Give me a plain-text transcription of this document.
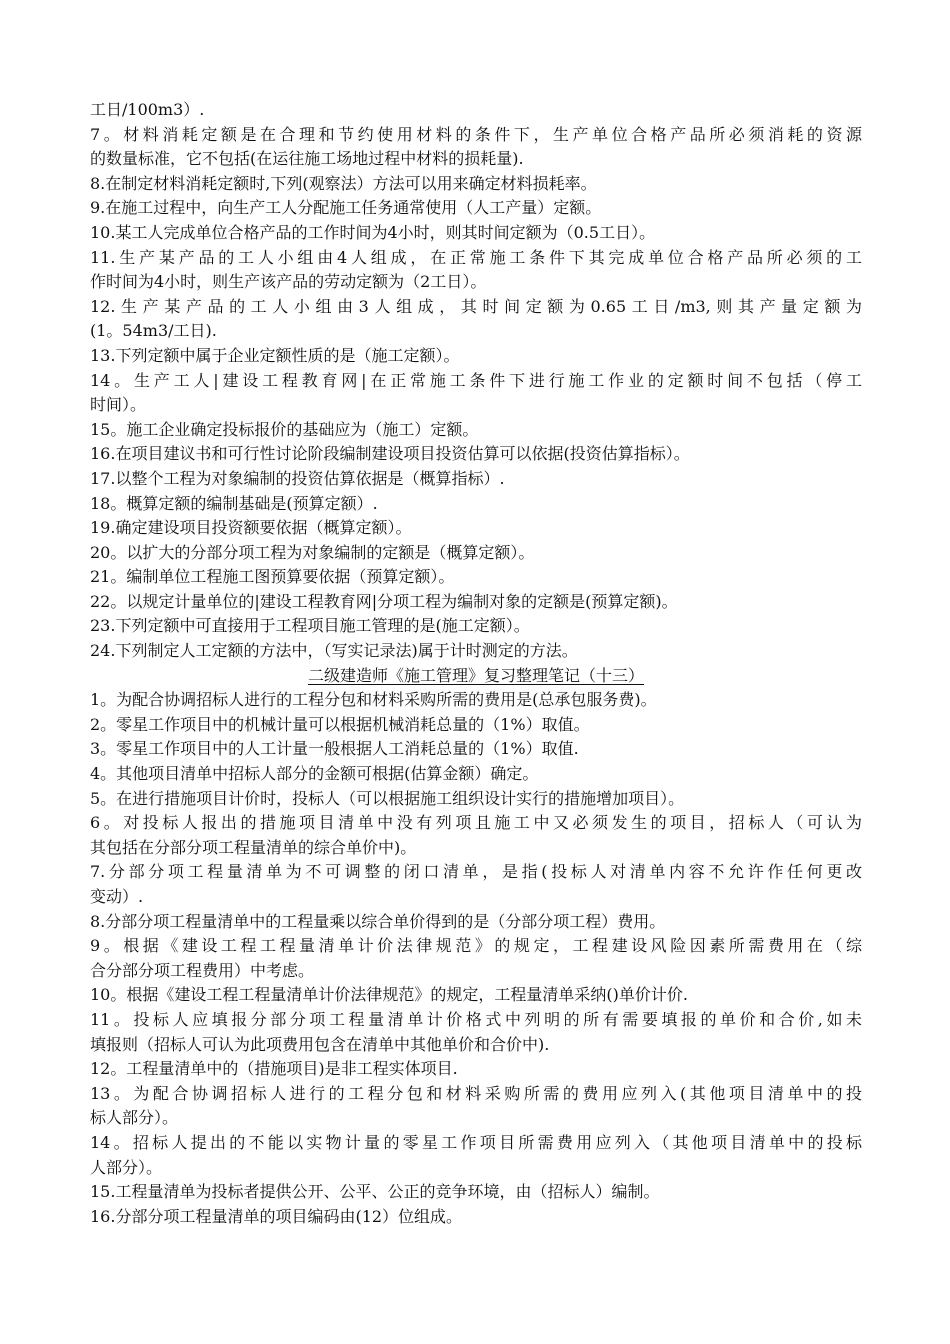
工日/100m3）.
7。材料消耗定额是在合理和节约使用材料的条件下，生产单位合格产品所必须消耗的资源
的数量标准，它不包括(在运往施工场地过程中材料的损耗量).
8.在制定材料消耗定额时,下列(观察法）方法可以用来确定材料损耗率。
9.在施工过程中，向生产工人分配施工任务通常使用（人工产量）定额。
10.某工人完成单位合格产品的工作时间为4小时，则其时间定额为（0.5工日）。
11.生产某产品的工人小组由4人组成，在正常施工条件下其完成单位合格产品所必须的工
作时间为4小时，则生产该产品的劳动定额为（2工日）。
12.生产某产品的工人小组由3人组成，其时间定额为0.65工日/m3,则其产量定额为
(1。54m3/工日).
13.下列定额中属于企业定额性质的是（施工定额）。
14。生产工人|建设工程教育网|在正常施工条件下进行施工作业的定额时间不包括（停工
时间）。
15。施工企业确定投标报价的基础应为（施工）定额。
16.在项目建议书和可行性讨论阶段编制建设项目投资估算可以依据(投资估算指标）。
17.以整个工程为对象编制的投资估算依据是（概算指标）.
18。概算定额的编制基础是(预算定额）.
19.确定建设项目投资额要依据（概算定额）。
20。以扩大的分部分项工程为对象编制的定额是（概算定额）。
21。编制单位工程施工图预算要依据（预算定额）。
22。以规定计量单位的|建设工程教育网|分项工程为编制对象的定额是(预算定额)。
23.下列定额中可直接用于工程项目施工管理的是(施工定额）。
24.下列制定人工定额的方法中，（写实记录法)属于计时测定的方法。
二级建造师《施工管理》复习整理笔记（十三）
1。为配合协调招标人进行的工程分包和材料采购所需的费用是(总承包服务费)。
2。零星工作项目中的机械计量可以根据机械消耗总量的（1%）取值。
3。零星工作项目中的人工计量一般根据人工消耗总量的（1%）取值.
4。其他项目清单中招标人部分的金额可根据(估算金额）确定。
5。在进行措施项目计价时，投标人（可以根据施工组织设计实行的措施增加项目）。
6。对投标人报出的措施项目清单中没有列项且施工中又必须发生的项目，招标人（可认为
其包括在分部分项工程量清单的综合单价中)。
7.分部分项工程量清单为不可调整的闭口清单，是指(投标人对清单内容不允许作任何更改
变动）.
8.分部分项工程量清单中的工程量乘以综合单价得到的是（分部分项工程）费用。
9。根据《建设工程工程量清单计价法律规范》的规定，工程建设风险因素所需费用在（综
合分部分项工程费用）中考虑。
10。根据《建设工程工程量清单计价法律规范》的规定，工程量清单采纳()单价计价.
11。投标人应填报分部分项工程量清单计价格式中列明的所有需要填报的单价和合价,如未
填报则（招标人可认为此项费用包含在清单中其他单价和合价中).
12。工程量清单中的（措施项目)是非工程实体项目.
13。为配合协调招标人进行的工程分包和材料采购所需的费用应列入(其他项目清单中的投
标人部分）。
14。招标人提出的不能以实物计量的零星工作项目所需费用应列入（其他项目清单中的投标
人部分）。
15.工程量清单为投标者提供公开、公平、公正的竞争环境，由（招标人）编制。
16.分部分项工程量清单的项目编码由(12）位组成。
